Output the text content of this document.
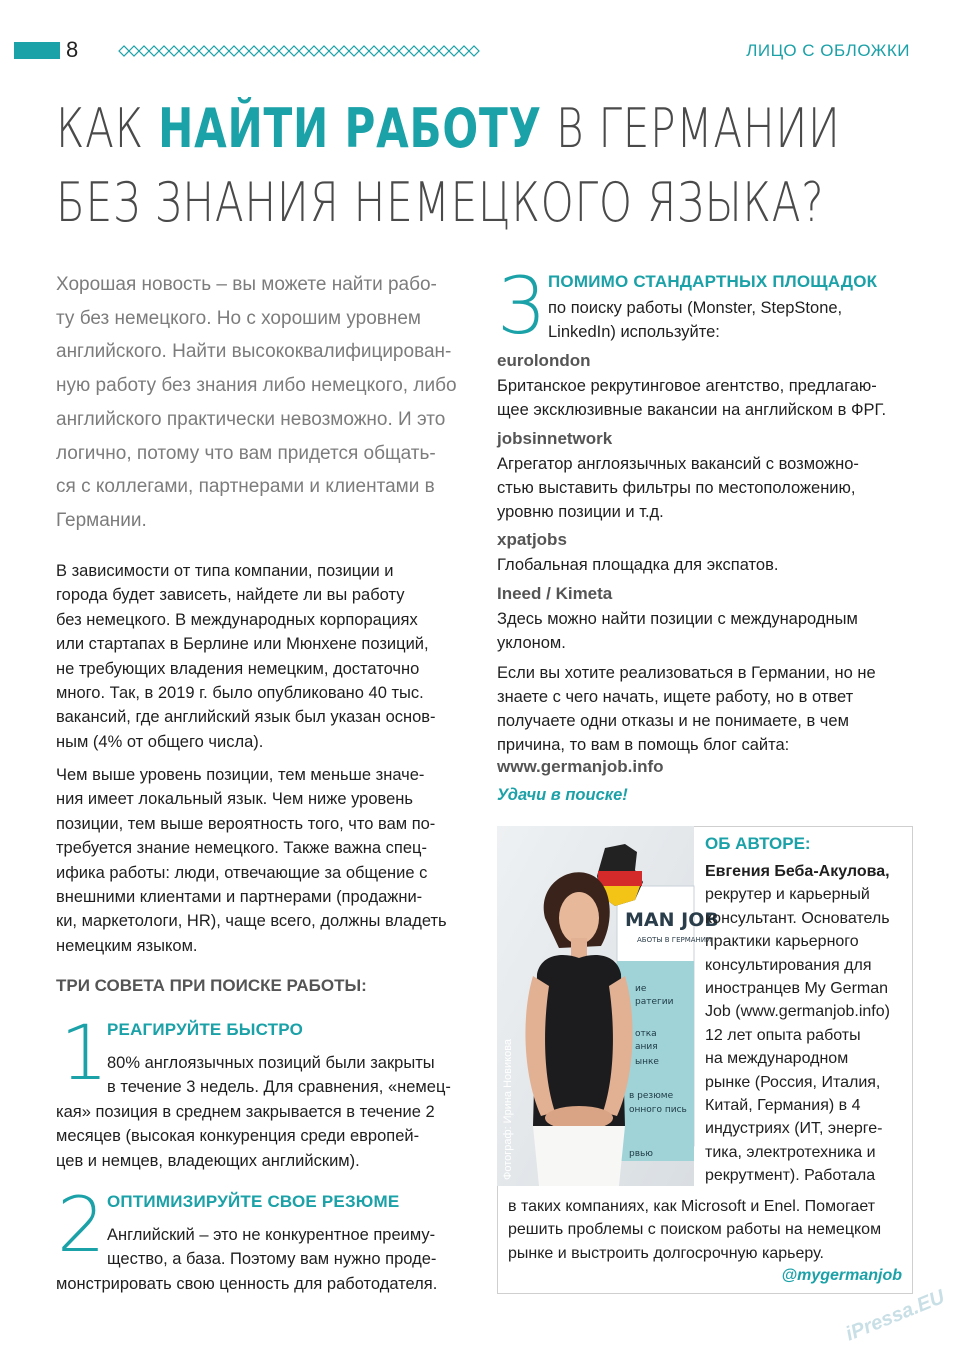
8	ЛИЦО С ОБЛОЖКИ
КАК НАЙТИ РАБОТУ В ГЕРМАНИИ
БЕЗ ЗНАНИЯ НЕМЕЦКОГО ЯЗЫКА?
Хорошая новость – вы можете найти рабо-
ту без немецкого. Но с хорошим уровнем
английского. Найти высококвалифицирован-
ную работу без знания либо немецкого, либо
английского практически невозможно. И это
логично, потому что вам придется общать-
ся с коллегами, партнерами и клиентами в
Германии.
В зависимости от типа компании, позиции и
города будет зависеть, найдете ли вы работу
без немецкого. В международных корпорациях
или стартапах в Берлине или Мюнхене позиций,
не требующих владения немецким, достаточно
много. Так, в 2019 г. было опубликовано 40 тыс.
вакансий, где английский язык был указан основ-
ным (4% от общего числа).
Чем выше уровень позиции, тем меньше значе-
ния имеет локальный язык. Чем ниже уровень
позиции, тем выше вероятность того, что вам по-
требуется знание немецкого. Также важна спец-
ифика работы: люди, отвечающие за общение с
внешними клиентами и партнерами (продажни-
ки, маркетологи, HR), чаще всего, должны владеть
немецким языком.
ТРИ СОВЕТА ПРИ ПОИСКЕ РАБОТЫ:
1
РЕАГИРУЙТЕ БЫСТРО
80% англоязычных позиций были закрыты
в течение 3 недель. Для сравнения, «немец-
кая» позиция в среднем закрывается в течение 2
месяцев (высокая конкуренция среди европей-
цев и немцев, владеющих английским).
2 ОПТИМИЗИРУЙТЕ СВОЕ РЕЗЮМЕ
Английский – это не конкурентное преиму-
щество, а база. Поэтому вам нужно проде-
монстрировать свою ценность для работодателя.
3 ПОМИМО СТАНДАРТНЫХ ПЛОЩАДОК
по поиску работы (Monster, StepStone,
LinkedIn) используйте:
eurolondon
Британское рекрутинговое агентство, предлагаю-
щее эксклюзивные вакансии на английском в ФРГ.
jobsinnetwork
Агрегатор англоязычных вакансий с возможно-
стью выставить фильтры по местоположению,
уровню позиции и т.д.
xpatjobs
Глобальная площадка для экспатов.
Ineed / Kimeta
Здесь можно найти позиции с международным
уклоном.
Если вы хотите реализоваться в Германии, но не
знаете с чего начать, ищете работу, но в ответ
получаете одни отказы и не понимаете, в чем
причина, то вам в помощь блог сайта:
www.germanjob.info
Удачи в поиске!
MAN JOB
АБОТЫ В ГЕРМАНИИ
ие
ратегии
отка
ания
ынке
в резюме
онного пись
рвью
Фотограф: Ирина Новикова
ОБ АВТОРЕ:
Евгения Беба-Акулова,
рекрутер и карьерный
консультант. Основатель
практики карьерного
консультирования для
иностранцев My German
Job (www.germanjob.info)
12 лет опыта работы
на международном
рынке (Россия, Италия,
Китай, Германия) в 4
индустриях (ИТ, энерге-
тика, электротехника и
рекрутмент). Работала
в таких компаниях, как Microsoft и Enel. Помогает
решить проблемы с поиском работы на немецком
рынке и выстроить долгосрочную карьеру.
@mygermanjob
iPressa.EU
